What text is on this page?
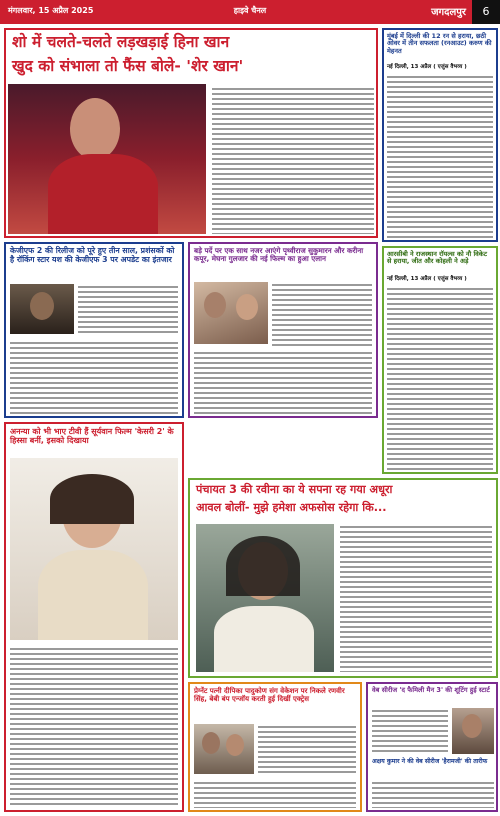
मंगलवार, 15 अप्रैल 2025	हाइवे चैनल	जगदलपुर	6
शो में चलते-चलते लड़खड़ाई हिना खान
खुद को संभाला तो फैंस बोले- 'शेर खान'
मुंबई में दिल्ली की 12 रन से हराया, छठी ओवर में तीन सफलता (रनआउट) करुण की मेहनत
नई दिल्ली, 13 अप्रैल ( एजुंस वैभव्य )
आरसीबी ने राजस्थान रॉयल्स को नौ विकेट से हराया, जीत और कोहली ने अड़े
नई दिल्ली, 13 अप्रैल ( एजुंस वैभव्य )
केजीएफ 2 की रिलीज को पूरे हुए तीन साल, प्रशंसकों को है रॉकिंग स्टार यश की केजीएफ 3 पर अपडेट का इंतजार
बड़े पर्दे पर एक साथ नजर आएंगे पृथ्वीराज सुकुमारन और करीना कपूर, मेघना गुलजार की नई फिल्म का हुआ एलान
अनन्या को भी भाए टीवी हैं सूर्यवान फिल्म 'केसरी 2' के हिस्सा बनीं, इसको दिखाया
पंचायत 3 की रवीना का ये सपना रह गया अधूरा
आवल बोलीं- मुझे हमेशा अफसोस रहेगा कि...
प्रेग्नेंट पत्नी दीपिका पादुकोण संग वेकेशन पर निकले रणवीर सिंह, बेबी बंप एन्जॉय करती हुई दिखीं एक्ट्रेस
वेब सीरीज 'द फैमिली मैन 3' की शूटिंग हुई स्टार्ट
अक्षय कुमार ने की वेब सीरीज 'हैरामजी' की तारीफ
